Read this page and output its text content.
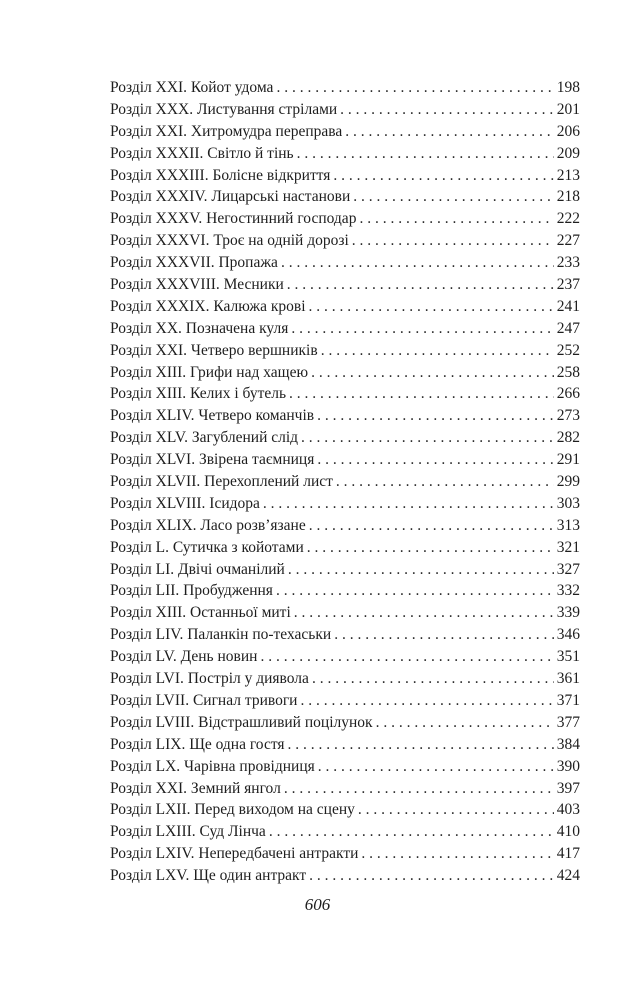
Розділ XXI. Койот удома . . .	198
Розділ XXX. Листування стрілами . . .	201
Розділ XXI. Хитромудра переправа . . .	206
Розділ XXXII. Світло й тінь . . .	209
Розділ XXXIII. Болісне відкриття . . .	213
Розділ XXXIV. Лицарські настанови . . .	218
Розділ XXXV. Негостинний господар . . .	222
Розділ XXXVI. Троє на одній дорозі . . .	227
Розділ XXXVII. Пропажа . . .	233
Розділ XXXVIII. Месники . . .	237
Розділ XXXIX. Калюжа крові . . .	241
Розділ XX. Позначена куля . . .	247
Розділ XXI. Четверо вершників . . .	252
Розділ XIII. Грифи над хащею . . .	258
Розділ XIII. Келих і бутель . . .	266
Розділ XLIV. Четверо команчів . . .	273
Розділ XLV. Загублений слід . . .	282
Розділ XLVI. Звірена таємниця . . .	291
Розділ XLVII. Перехоплений лист . . .	299
Розділ XLVIII. Ісидора . . .	303
Розділ XLIX. Ласо розв’язане . . .	313
Розділ L. Сутичка з койотами . . .	321
Розділ LI. Двічі очманілий . . .	327
Розділ LII. Пробудження . . .	332
Розділ XIII. Останньої миті . . .	339
Розділ LIV. Паланкін по-техаськи . . .	346
Розділ LV. День новин . . .	351
Розділ LVI. Постріл у диявола . . .	361
Розділ LVII. Сигнал тривоги . . .	371
Розділ LVIII. Відстрашливий поцілунок . . .	377
Розділ LIX. Ще одна гостя . . .	384
Розділ LX. Чарівна провідниця . . .	390
Розділ XXI. Земний янгол . . .	397
Розділ LXII. Перед виходом на сцену . . .	403
Розділ LXIII. Суд Лінча . . .	410
Розділ LXIV. Непередбачені антракти . . .	417
Розділ LXV. Ще один антракт . . .	424
606
